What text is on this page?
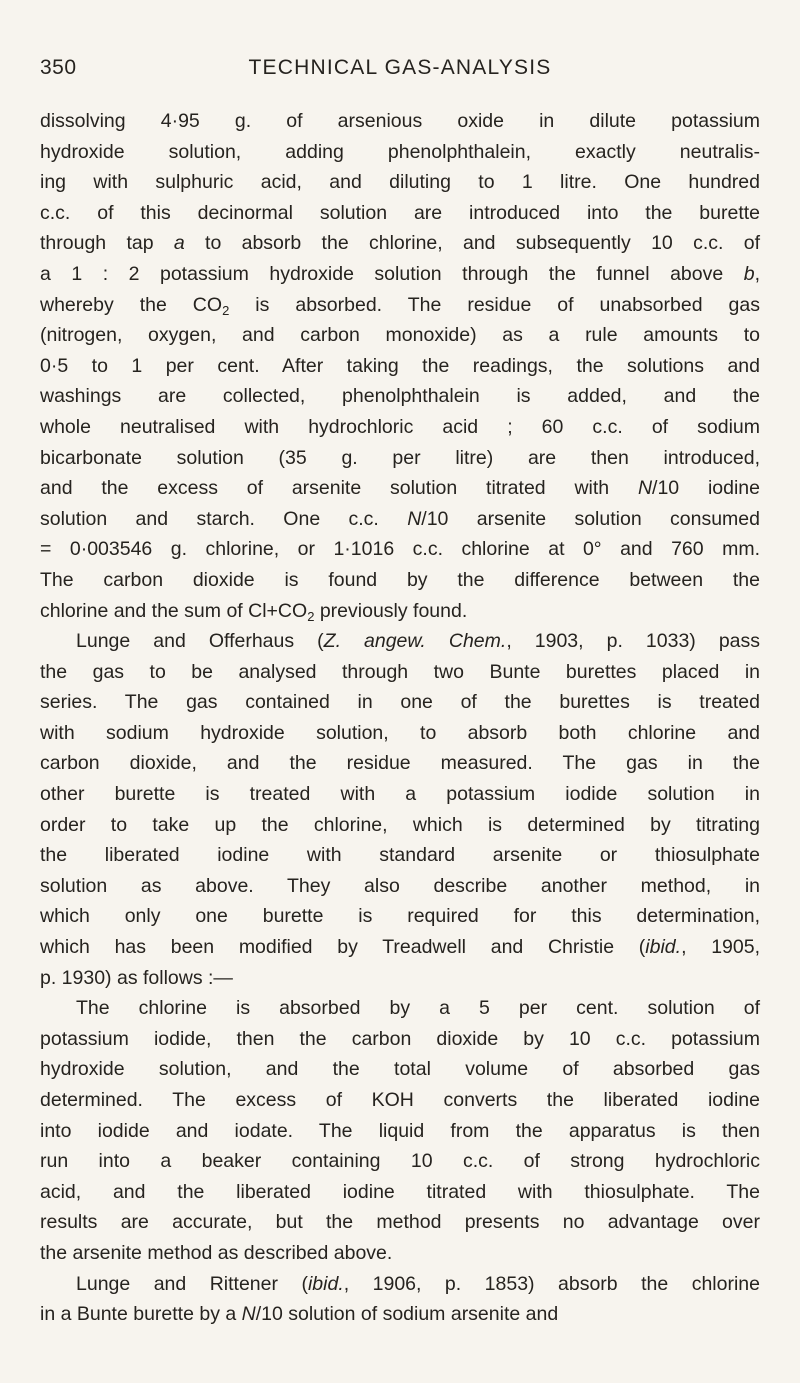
350	TECHNICAL GAS-ANALYSIS

dissolving 4·95 g. of arsenious oxide in dilute potassium
hydroxide solution, adding phenolphthalein, exactly neutralis-
ing with sulphuric acid, and diluting to 1 litre. One hundred
c.c. of this decinormal solution are introduced into the burette
through tap a to absorb the chlorine, and subsequently 10 c.c. of
a 1 : 2 potassium hydroxide solution through the funnel above b,
whereby the $CO_2$ is absorbed. The residue of unabsorbed gas
(nitrogen, oxygen, and carbon monoxide) as a rule amounts to
0·5 to 1 per cent. After taking the readings, the solutions and
washings are collected, phenolphthalein is added, and the
whole neutralised with hydrochloric acid ; 60 c.c. of sodium
bicarbonate solution (35 g. per litre) are then introduced,
and the excess of arsenite solution titrated with N/10 iodine
solution and starch. One c.c. N/10 arsenite solution consumed
= 0·003546 g. chlorine, or 1·1016 c.c. chlorine at 0° and 760 mm.
The carbon dioxide is found by the difference between the
chlorine and the sum of $Cl+CO_2$ previously found.

Lunge and Offerhaus (Z. angew. Chem., 1903, p. 1033) pass
the gas to be analysed through two Bunte burettes placed in
series. The gas contained in one of the burettes is treated
with sodium hydroxide solution, to absorb both chlorine and
carbon dioxide, and the residue measured. The gas in the
other burette is treated with a potassium iodide solution in
order to take up the chlorine, which is determined by titrating
the liberated iodine with standard arsenite or thiosulphate
solution as above. They also describe another method, in
which only one burette is required for this determination,
which has been modified by Treadwell and Christie (ibid., 1905,
p. 1930) as follows :—

The chlorine is absorbed by a 5 per cent. solution of
potassium iodide, then the carbon dioxide by 10 c.c. potassium
hydroxide solution, and the total volume of absorbed gas
determined. The excess of KOH converts the liberated iodine
into iodide and iodate. The liquid from the apparatus is then
run into a beaker containing 10 c.c. of strong hydrochloric
acid, and the liberated iodine titrated with thiosulphate. The
results are accurate, but the method presents no advantage over
the arsenite method as described above.

Lunge and Rittener (ibid., 1906, p. 1853) absorb the chlorine
in a Bunte burette by a N/10 solution of sodium arsenite and
